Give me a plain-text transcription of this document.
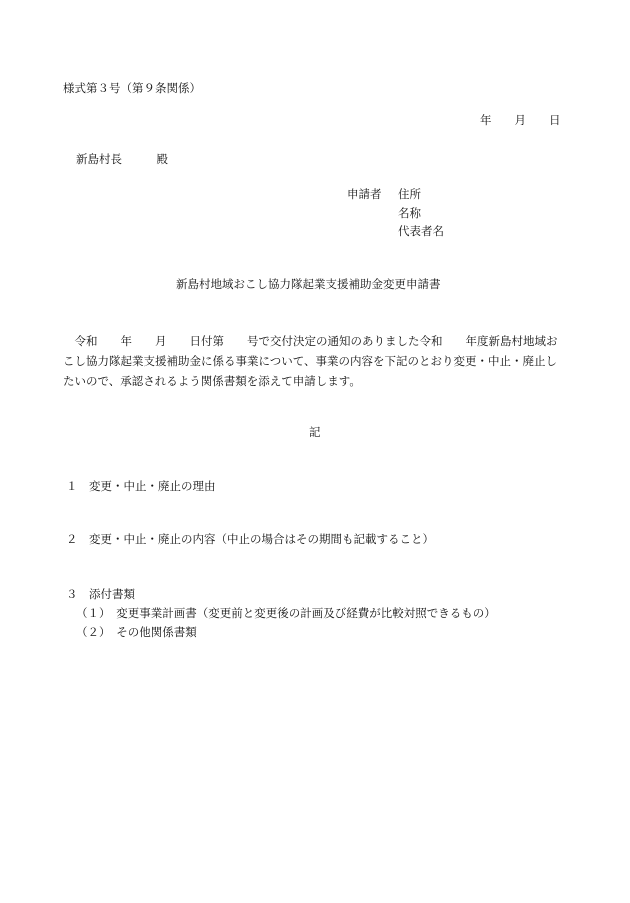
様式第３号（第９条関係）
年　　月　　日
新島村長　　　殿
申請者 住所
名称
代表者名
新島村地域おこし協力隊起業支援補助金変更申請書
　令和　　年　　月　　日付第　　号で交付決定の通知のありました令和　　年度新島村地域おこし協力隊起業支援補助金に係る事業について、事業の内容を下記のとおり変更・中止・廃止したいので、承認されるよう関係書類を添えて申請します。
記
１　変更・中止・廃止の理由
２　変更・中止・廃止の内容（中止の場合はその期間も記載すること）
３　添付書類
（１）　変更事業計画書（変更前と変更後の計画及び経費が比較対照できるもの）
（２）　その他関係書類
